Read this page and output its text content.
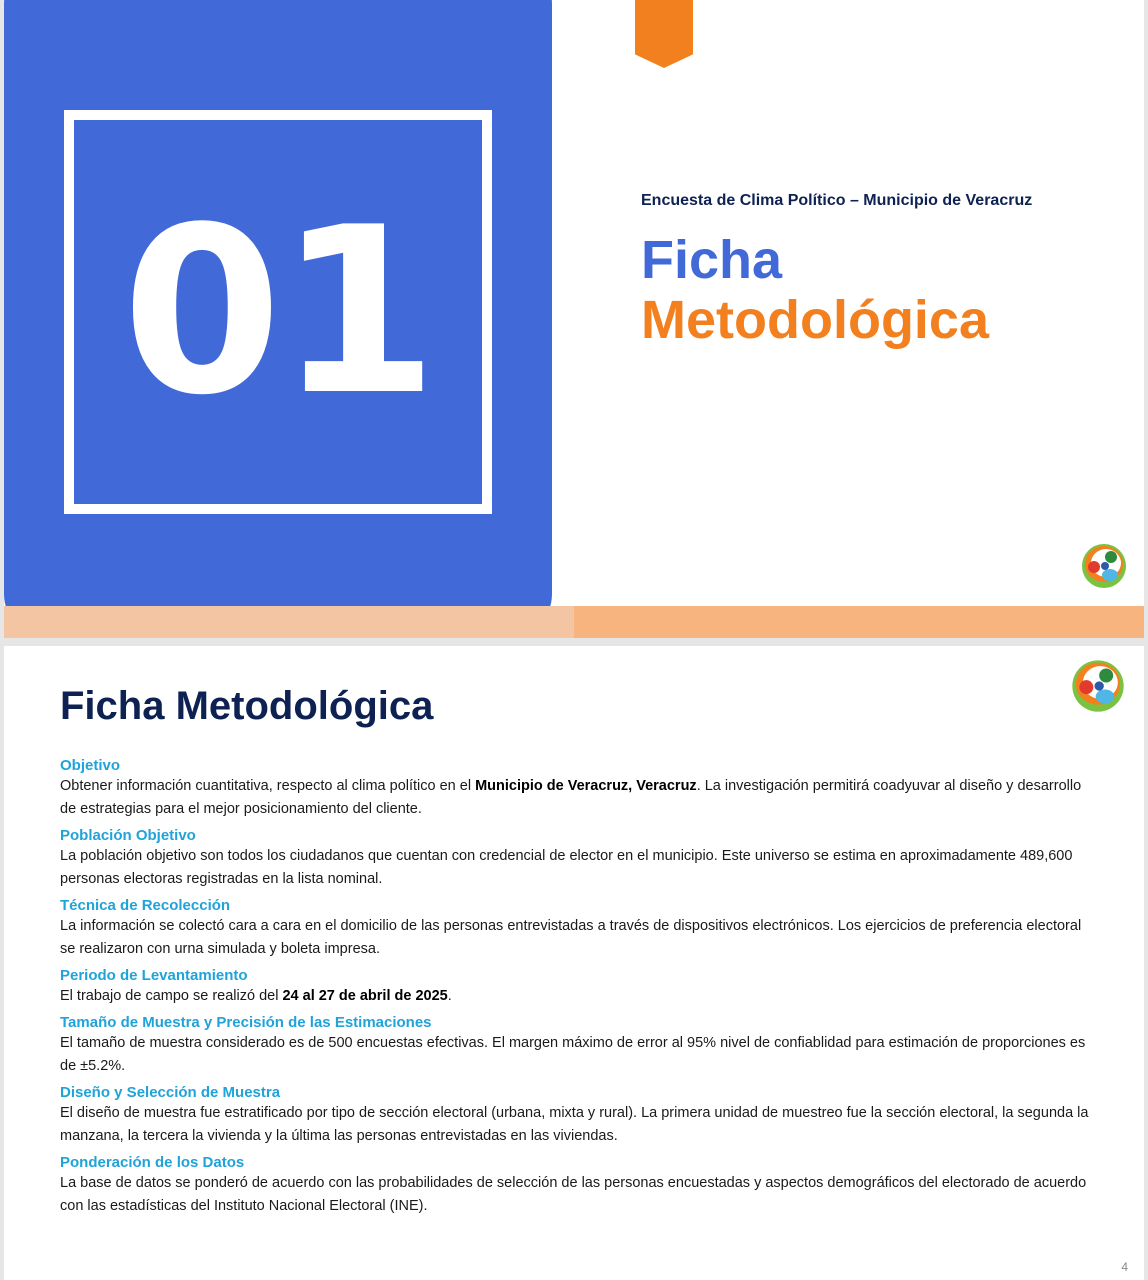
01	Encuesta de Clima Político – Municipio de Veracruz
Ficha
Metodológica
Ficha Metodológica
Objetivo
Obtener información cuantitativa, respecto al clima político en el Municipio de Veracruz, Veracruz. La investigación permitirá coadyuvar al diseño y desarrollo de estrategias para el mejor posicionamiento del cliente.
Población Objetivo
La población objetivo son todos los ciudadanos que cuentan con credencial de elector en el municipio. Este universo se estima en aproximadamente 489,600 personas electoras registradas en la lista nominal.
Técnica de Recolección
La información se colectó cara a cara en el domicilio de las personas entrevistadas a través de dispositivos electrónicos. Los ejercicios de preferencia electoral se realizaron con urna simulada y boleta impresa.
Periodo de Levantamiento
El trabajo de campo se realizó del 24 al 27 de abril de 2025.
Tamaño de Muestra y Precisión de las Estimaciones
El tamaño de muestra considerado es de 500 encuestas efectivas. El margen máximo de error al 95% nivel de confiablidad para estimación de proporciones es de ±5.2%.
Diseño y Selección de Muestra
El diseño de muestra fue estratificado por tipo de sección electoral (urbana, mixta y rural). La primera unidad de muestreo fue la sección electoral, la segunda la manzana, la tercera la vivienda y la última las personas entrevistadas en las viviendas.
Ponderación de los Datos
La base de datos se ponderó de acuerdo con las probabilidades de selección de las personas encuestadas y aspectos demográficos del electorado de acuerdo con las estadísticas del Instituto Nacional Electoral (INE).
4
